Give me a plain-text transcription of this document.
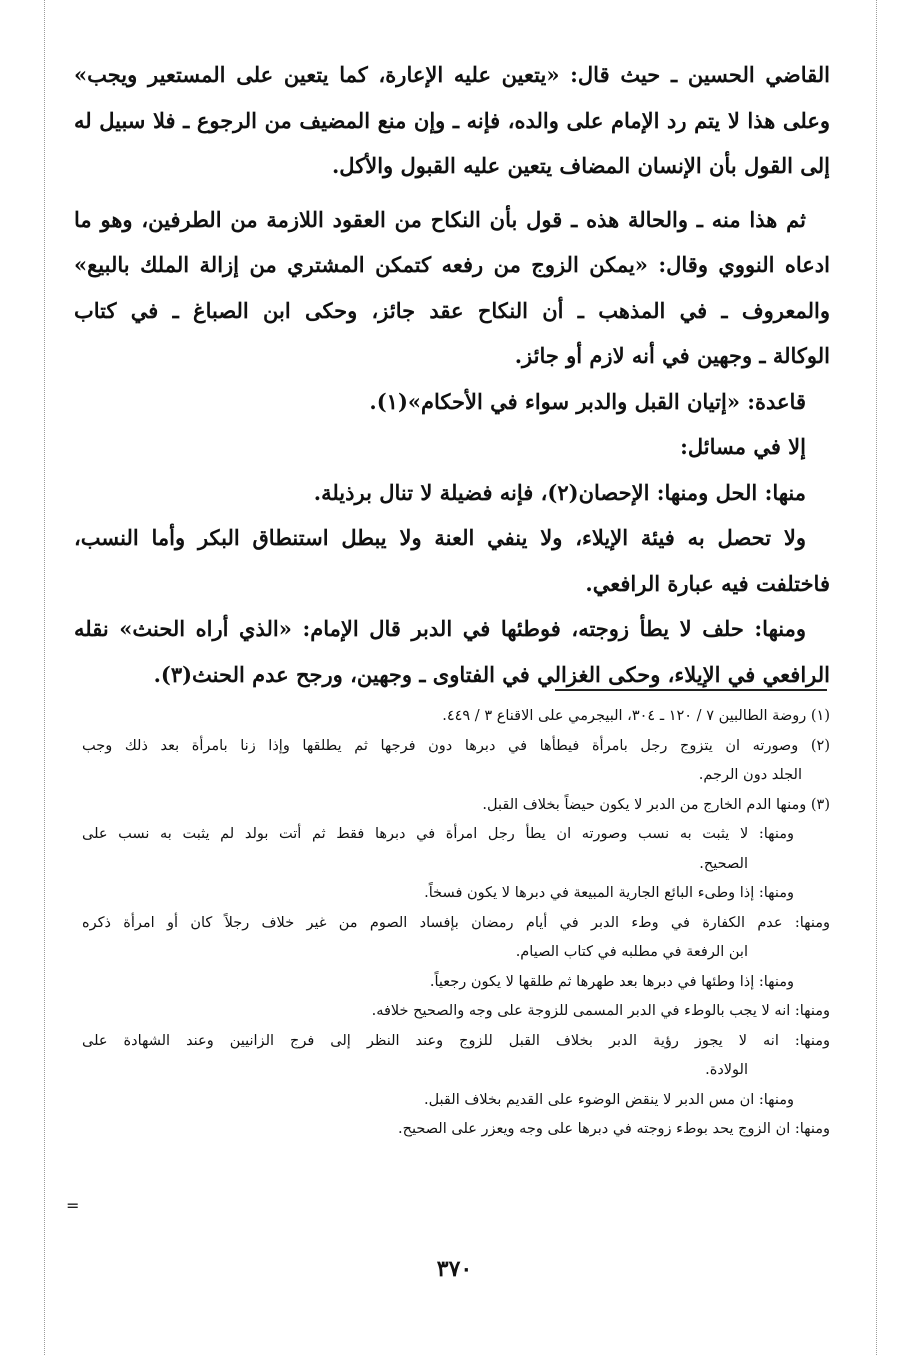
القاضي الحسين ـ حيث قال: «يتعين عليه الإعارة، كما يتعين على المستعير ويجب»
وعلى هذا لا يتم رد الإمام على والده، فإنه ـ وإن منع المضيف من الرجوع ـ فلا سبيل له
إلى القول بأن الإنسان المضاف يتعين عليه القبول والأكل.
ثم هذا منه ـ والحالة هذه ـ قول بأن النكاح من العقود اللازمة من الطرفين، وهو ما
ادعاه النووي وقال: «يمكن الزوج من رفعه كتمكن المشتري من إزالة الملك بالبيع»
والمعروف ـ في المذهب ـ أن النكاح عقد جائز، وحكى ابن الصباغ ـ في كتاب
الوكالة ـ وجهين في أنه لازم أو جائز.
قاعدة: «إتيان القبل والدبر سواء في الأحكام»(١).
إلا في مسائل:
منها: الحل ومنها: الإحصان(٢)، فإنه فضيلة لا تنال برذيلة.
ولا تحصل به فيئة الإيلاء، ولا ينفي العنة ولا يبطل استنطاق البكر وأما النسب،
فاختلفت فيه عبارة الرافعي.
ومنها: حلف لا يطأ زوجته، فوطئها في الدبر قال الإمام: «الذي أراه الحنث» نقله
الرافعي في الإيلاء، وحكى الغزالي في الفتاوى ـ وجهين، ورجح عدم الحنث(٣).
(١) روضة الطالبين ٧ / ١٢٠ ـ ٣٠٤، البيجرمي على الاقناع ٣ / ٤٤٩.
(٢) وصورته ان يتزوج رجل بامرأة فيطأها في دبرها دون فرجها ثم يطلقها وإذا زنا بامرأة بعد ذلك وجب
الجلد دون الرجم.
(٣) ومنها الدم الخارج من الدبر لا يكون حيضاً بخلاف القبل.
ومنها: لا يثبت به نسب وصورته ان يطأ رجل امرأة في دبرها فقط ثم أتت بولد لم يثبت به نسب على
الصحيح.
ومنها: إذا وطىء البائع الجارية المبيعة في دبرها لا يكون فسخاً.
ومنها: عدم الكفارة في وطء الدبر في أيام رمضان بإفساد الصوم من غير خلاف رجلاً كان أو امرأة ذكره
ابن الرفعة في مطلبه في كتاب الصيام.
ومنها: إذا وطئها في دبرها بعد طهرها ثم طلقها لا يكون رجعياً.
ومنها: انه لا يجب بالوطء في الدبر المسمى للزوجة على وجه والصحيح خلافه.
ومنها: انه لا يجوز رؤية الدبر بخلاف القبل للزوج وعند النظر إلى فرج الزانيين وعند الشهادة على
الولادة.
ومنها: ان مس الدبر لا ينقض الوضوء على القديم بخلاف القبل.
ومنها: ان الزوج يحد بوطء زوجته في دبرها على وجه ويعزر على الصحيح.
=
٣٧٠
